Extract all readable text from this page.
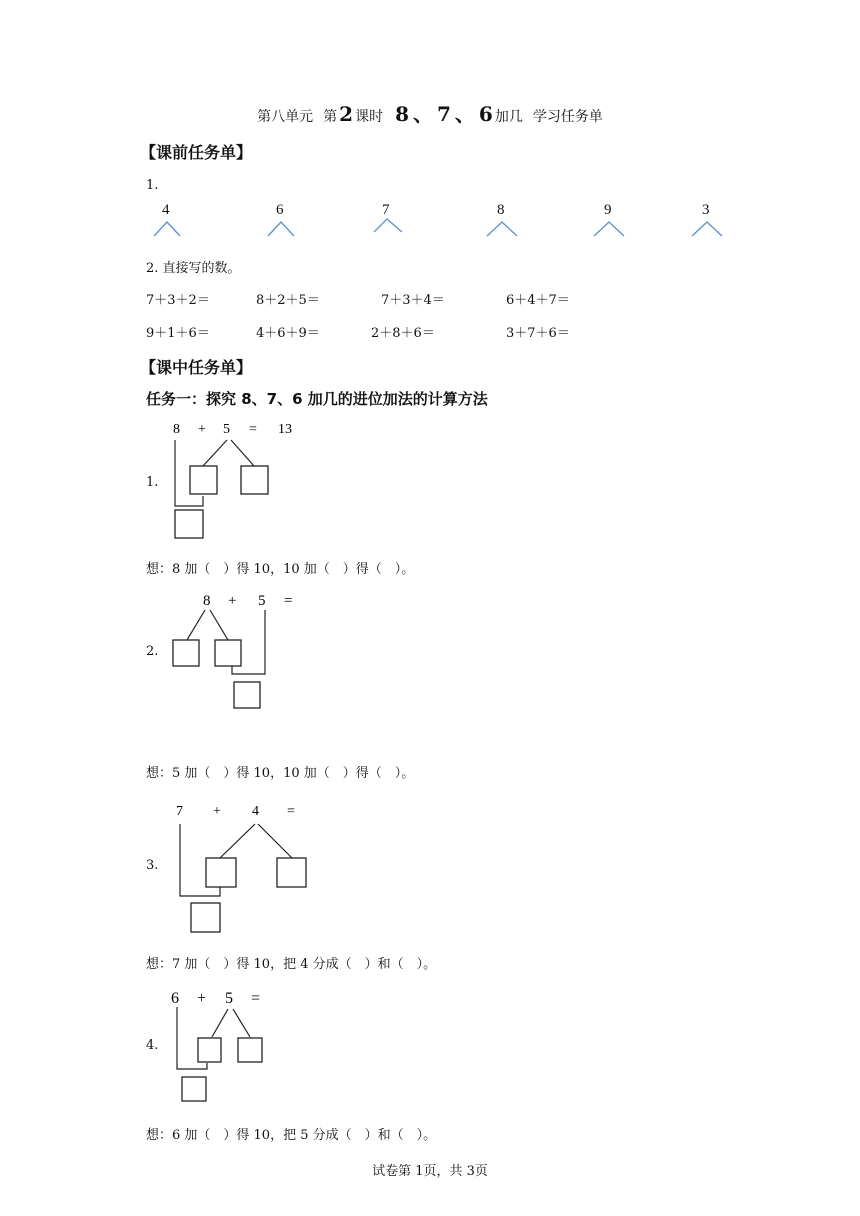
第八单元 第 2 课时 8 、 7 、 6 加几 学习任务单
【课前任务单】
1.
4	6	7	8	9	3
2. 直接写的数。
7＋3＋2＝	8＋2＋5＝	7＋3＋4＝	6＋4＋7＝
9＋1＋6＝	4＋6＋9＝	2＋8＋6＝	3＋7＋6＝
【课中任务单】
任务一：探究 8、7、6 加几的进位加法的计算方法
1.
8 + 5 = 13
想：8 加（　）得 10，10 加（　）得（　）。
2.
8 + 5 =
想：5 加（　）得 10，10 加（　）得（　）。
3.
7 + 4 =
想：7 加（　）得 10，把 4 分成（　）和（　）。
4.
6 + 5 =
想：6 加（　）得 10，把 5 分成（　）和（　）。
试卷第 1页，共 3页
